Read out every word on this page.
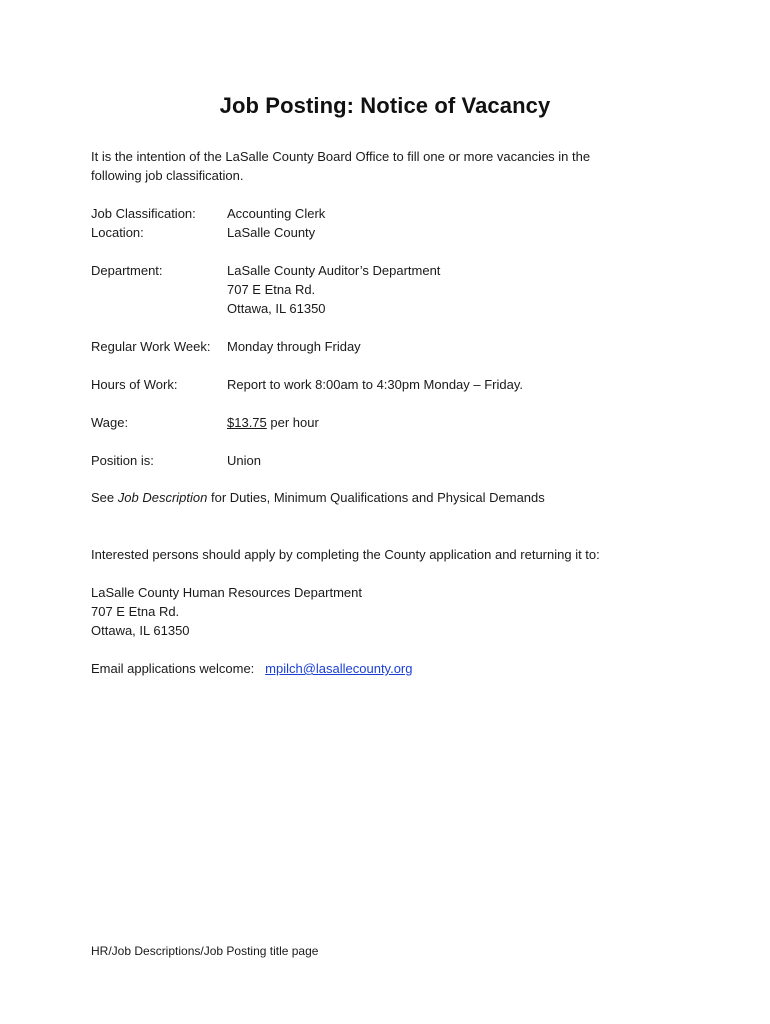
Job Posting: Notice of Vacancy
It is the intention of the LaSalle County Board Office to fill one or more vacancies in the
following job classification.
Job Classification: Accounting Clerk
Location:	LaSalle County
Department:	LaSalle County Auditor’s Department
707 E Etna Rd.
Ottawa, IL 61350
Regular Work Week: Monday through Friday
Hours of Work:	Report to work 8:00am to 4:30pm Monday – Friday.
Wage:	$13.75 per hour
Position is:	Union
See Job Description for Duties, Minimum Qualifications and Physical Demands
Interested persons should apply by completing the County application and returning it to:
LaSalle County Human Resources Department
707 E Etna Rd.
Ottawa, IL 61350
Email applications welcome: mpilch@lasallecounty.org
HR/Job Descriptions/Job Posting title page
